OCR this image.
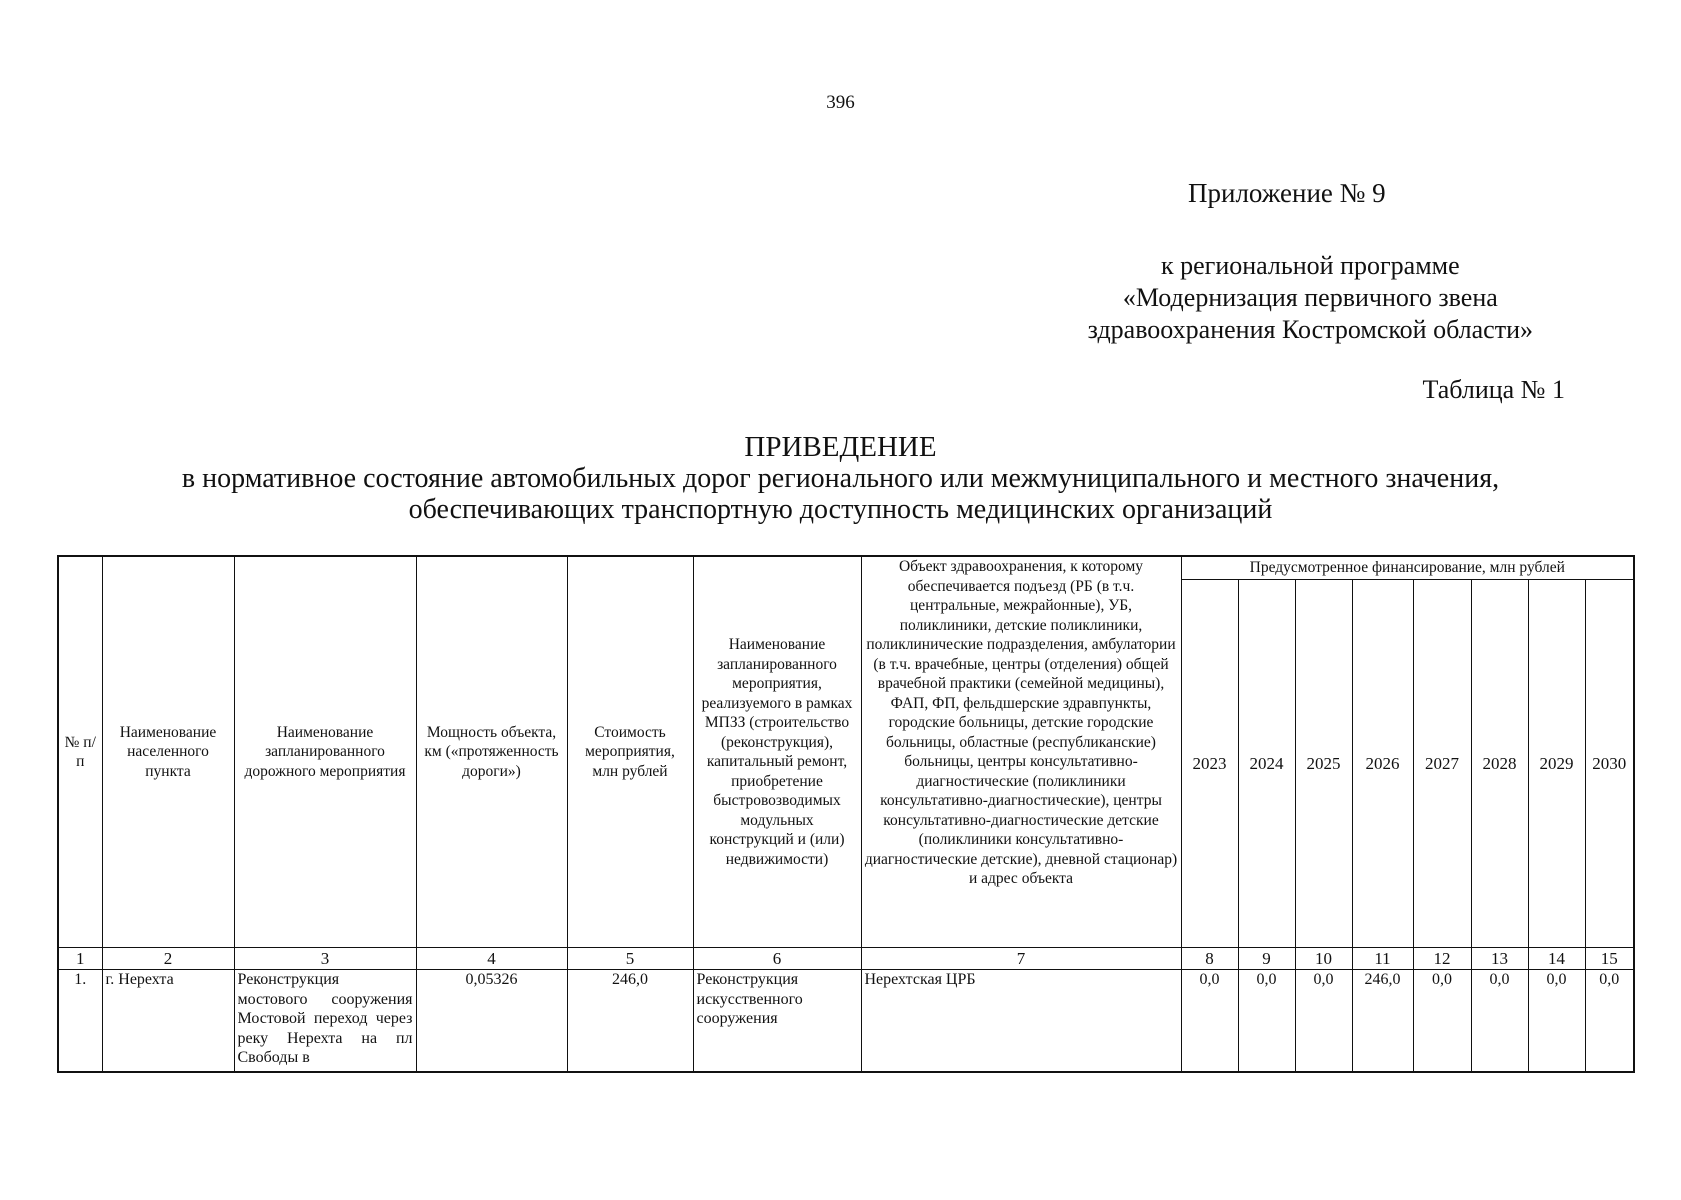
396
Приложение № 9
к региональной программе
«Модернизация первичного звена
здравоохранения Костромской области»
Таблица № 1
ПРИВЕДЕНИЕ
в нормативное состояние автомобильных дорог регионального или межмуниципального и местного значения,
обеспечивающих транспортную доступность медицинских организаций
№ п/п	Наименование населенного пункта	Наименование запланированного дорожного мероприятия	Мощность объекта, км («протяженность дороги»)	Стоимость мероприятия, млн рублей	Наименование запланированного мероприятия, реализуемого в рамках МПЗЗ (строительство (реконструкция), капитальный ремонт, приобретение быстровозводимых модульных конструкций и (или) недвижимости)	Объект здравоохранения, к которому обеспечивается подъезд (РБ (в т.ч. центральные, межрайонные), УБ, поликлиники, детские поликлиники, поликлинические подразделения, амбулатории (в т.ч. врачебные, центры (отделения) общей врачебной практики (семейной медицины), ФАП, ФП, фельдшерские здравпункты, городские больницы, детские городские больницы, областные (республиканские) больницы, центры консультативно-диагностические (поликлиники консультативно-диагностические), центры консультативно-диагностические детские (поликлиники консультативно-диагностические детские), дневной стационар) и адрес объекта	Предусмотренное финансирование, млн рублей							
							2023	2024	2025	2026	2027	2028	2029	2030
1	2	3	4	5	6	7	8	9	10	11	12	13	14	15
1.	г. Нерехта	Реконструкция мостового сооружения Мостовой переход через реку Нерехта на пл Свободы в	0,05326	246,0	Реконструкция искусственного сооружения	Нерехтская ЦРБ	0,0	0,0	0,0	246,0	0,0	0,0	0,0	0,0
